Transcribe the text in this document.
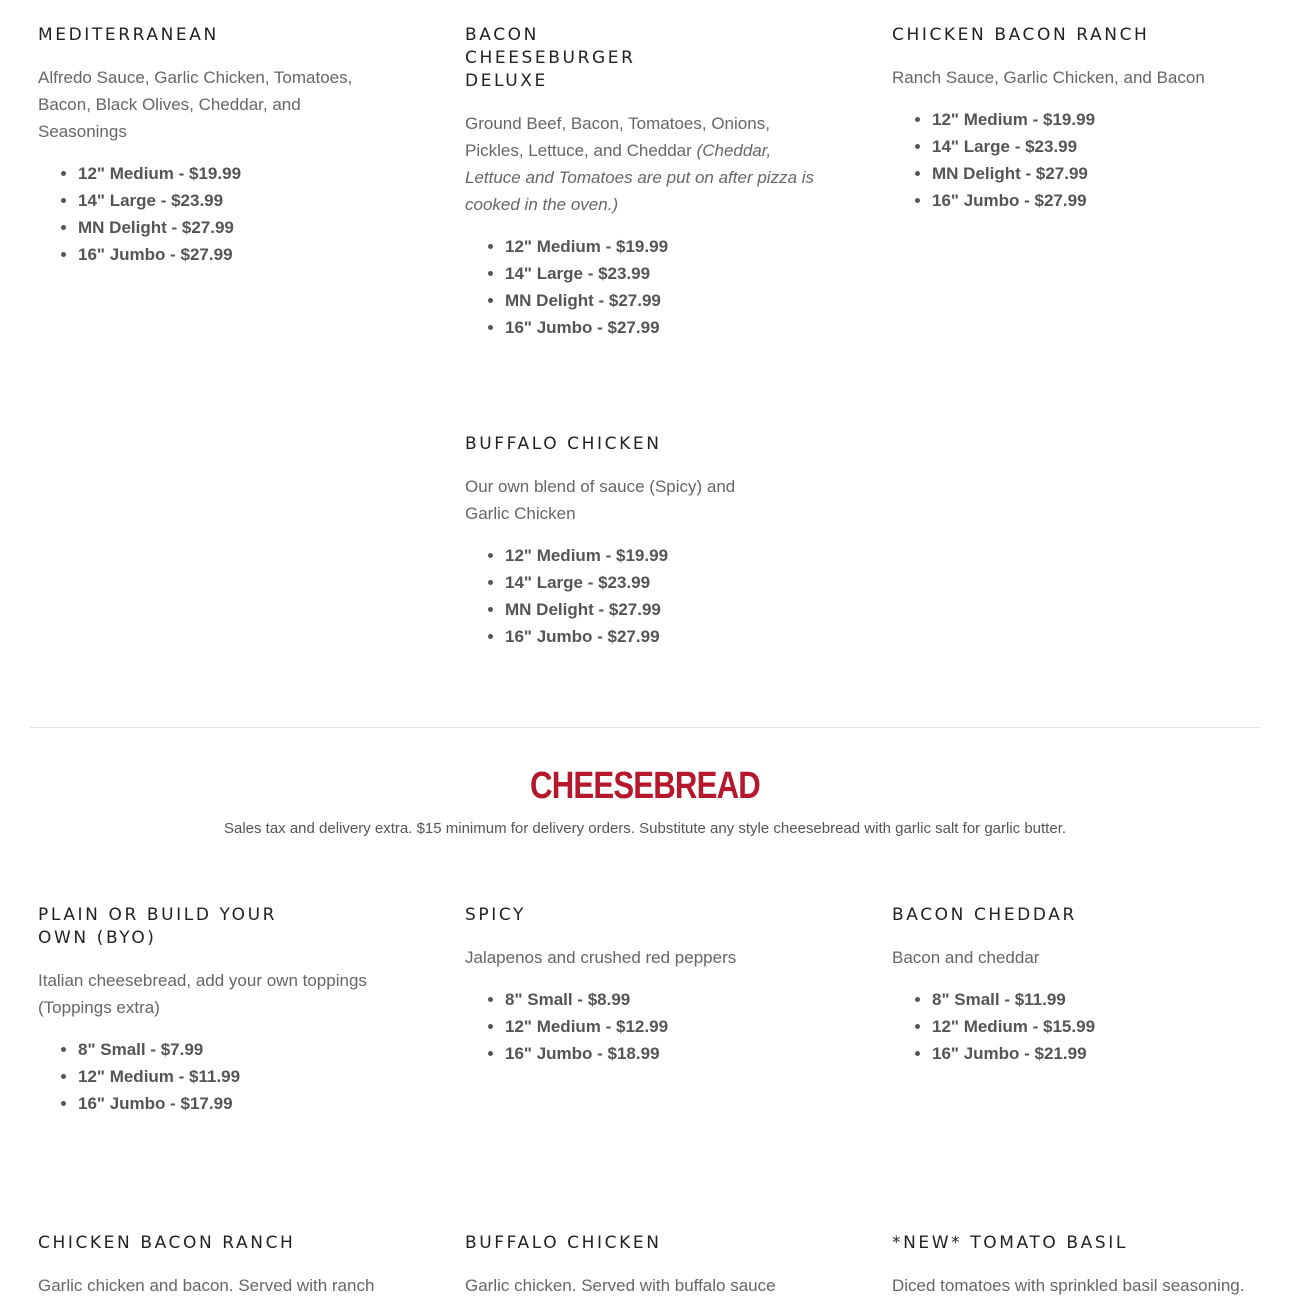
MEDITERRANEAN

Alfredo Sauce, Garlic Chicken, Tomatoes, Bacon, Black Olives, Cheddar, and Seasonings

• 12" Medium - $19.99
• 14" Large - $23.99
• MN Delight - $27.99
• 16" Jumbo - $27.99
BACON CHEESEBURGER DELUXE

Ground Beef, Bacon, Tomatoes, Onions, Pickles, Lettuce, and Cheddar (Cheddar, Lettuce and Tomatoes are put on after pizza is cooked in the oven.)

• 12" Medium - $19.99
• 14" Large - $23.99
• MN Delight - $27.99
• 16" Jumbo - $27.99
CHICKEN BACON RANCH

Ranch Sauce, Garlic Chicken, and Bacon

• 12" Medium - $19.99
• 14" Large - $23.99
• MN Delight - $27.99
• 16" Jumbo - $27.99
BUFFALO CHICKEN

Our own blend of sauce (Spicy) and Garlic Chicken

• 12" Medium - $19.99
• 14" Large - $23.99
• MN Delight - $27.99
• 16" Jumbo - $27.99
CHEESEBREAD

Sales tax and delivery extra. $15 minimum for delivery orders. Substitute any style cheesebread with garlic salt for garlic butter.

PLAIN OR BUILD YOUR OWN (BYO)

Italian cheesebread, add your own toppings (Toppings extra)

• 8" Small - $7.99
• 12" Medium - $11.99
• 16" Jumbo - $17.99
SPICY

Jalapenos and crushed red peppers

• 8" Small - $8.99
• 12" Medium - $12.99
• 16" Jumbo - $18.99
BACON CHEDDAR

Bacon and cheddar

• 8" Small - $11.99
• 12" Medium - $15.99
• 16" Jumbo - $21.99
CHICKEN BACON RANCH

Garlic chicken and bacon. Served with ranch

BUFFALO CHICKEN

Garlic chicken. Served with buffalo sauce

*NEW* TOMATO BASIL

Diced tomatoes with sprinkled basil seasoning.
